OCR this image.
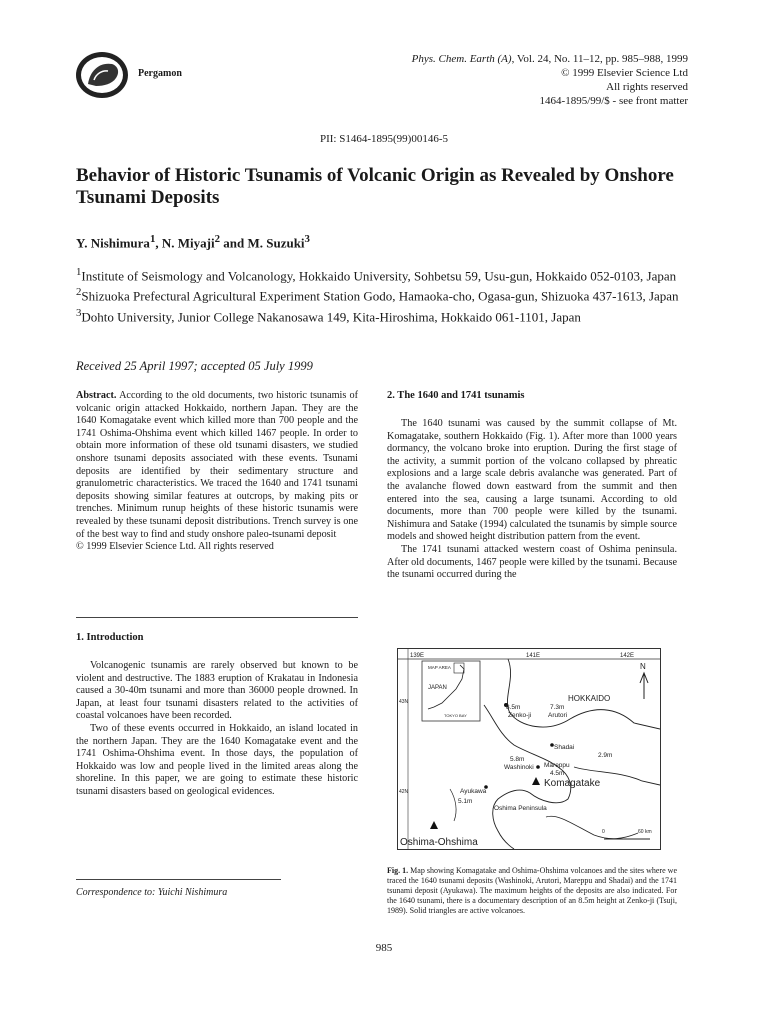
Pergamon
Phys. Chem. Earth (A), Vol. 24, No. 11–12, pp. 985–988, 1999
© 1999 Elsevier Science Ltd
All rights reserved
1464-1895/99/$ - see front matter
PII: S1464-1895(99)00146-5
Behavior of Historic Tsunamis of Volcanic Origin as Revealed by Onshore Tsunami Deposits
Y. Nishimura$^1$, N. Miyaji$^2$ and M. Suzuki$^3$
$^1$Institute of Seismology and Volcanology, Hokkaido University, Sohbetsu 59, Usu-gun, Hokkaido 052-0103, Japan
$^2$Shizuoka Prefectural Agricultural Experiment Station Godo, Hamaoka-cho, Ogasa-gun, Shizuoka 437-1613, Japan
$^3$Dohto University, Junior College Nakanosawa 149, Kita-Hiroshima, Hokkaido 061-1101, Japan
Received 25 April 1997; accepted 05 July 1999

Abstract. According to the old documents, two historic tsunamis of volcanic origin attacked Hokkaido, northern Japan. They are the 1640 Komagatake event which killed more than 700 people and the 1741 Oshima-Ohshima event which killed 1467 people. In order to obtain more information of these old tsunami disasters, we studied onshore tsunami deposits associated with these events. Tsunami deposits are identified by their sedimentary structure and granulometric characteristics. We traced the 1640 and 1741 tsunami deposits showing similar features at outcrops, by making pits or trenches. Minimum runup heights of these historic tsunamis were revealed by these tsunami deposit distributions. Trench survey is one of the best way to find and study onshore paleo-tsunami deposit

© 1999 Elsevier Science Ltd. All rights reserved

1. Introduction

Volcanogenic tsunamis are rarely observed but known to be violent and destructive. The 1883 eruption of Krakatau in Indonesia caused a 30-40m tsunami and more than 36000 people drowned. In Japan, at least four tsunami disasters related to the activities of coastal volcanoes have been recorded.

Two of these events occurred in Hokkaido, an island located in the northern Japan. They are the 1640 Komagatake event and the 1741 Oshima-Ohshima event. In those days, the population of Hokkaido was low and people lived in the limited areas along the shoreline. In this paper, we are going to estimate these historic tsunami disasters based on geological evidences.

Correspondence to: Yuichi Nishimura
2. The 1640 and 1741 tsunamis

The 1640 tsunami was caused by the summit collapse of Mt. Komagatake, southern Hokkaido (Fig. 1). After more than 1000 years dormancy, the volcano broke into eruption. During the first stage of the activity, a summit portion of the volcano collapsed by phreatic explosions and a large scale debris avalanche was generated. Part of the avalanche flowed down eastward from the summit and then entered into the sea, causing a large tsunami. According to old documents, more than 700 people were killed by the tsunami. Nishimura and Satake (1994) calculated the tsunamis by simple source models and showed height distribution pattern from the event.

The 1741 tsunami attacked western coast of Oshima peninsula. After old documents, 1467 people were killed by the tsunami. Because the tsunami occurred during the

139E	141E	142E
43N
42N
MAP AREA
JAPAN
TOKYO BAY
N
HOKKAIDO
8.5m
Zenko-ji
7.3m
Arutori
Shadai
2.9m
5.8m
Washinoki Mareppu
4.5m
Komagatake
Ayukawa
5.1m
Oshima Peninsula
Oshima-Ohshima
0	60 km
Fig. 1. Map showing Komagatake and Oshima-Ohshima volcanoes and the sites where we traced the 1640 tsunami deposits (Washinoki, Arutori, Mareppu and Shadai) and the 1741 tsunami deposit (Ayukawa). The maximum heights of the deposits are also indicated. For the 1640 tsunami, there is a documentary description of an 8.5m height at Zenko-ji (Tsuji, 1989). Solid triangles are active volcanoes.
985
